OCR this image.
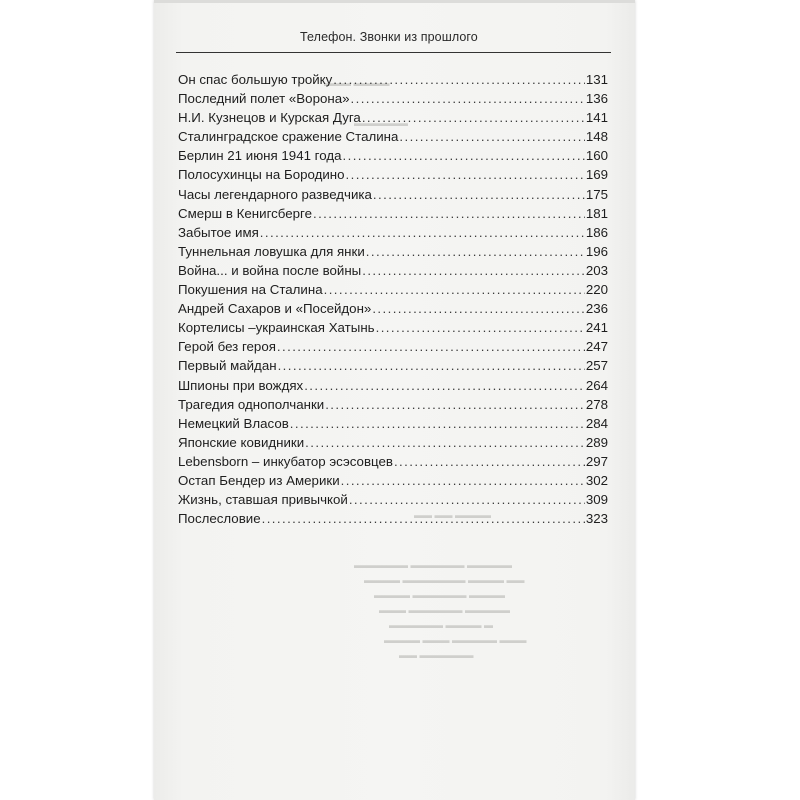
▬▬▬▬ ▬▬▬
▬▬▬▬▬▬
▬▬▬▬ ▬▬ ▬▬
▬▬▬▬▬ ▬▬▬▬▬▬ ▬▬▬▬▬▬
▬▬ ▬▬▬▬ ▬▬▬▬▬▬▬ ▬▬▬▬
▬▬▬▬ ▬▬▬▬▬▬ ▬▬▬▬
▬▬▬▬▬ ▬▬▬▬▬▬ ▬▬▬
▬ ▬▬▬▬ ▬▬▬▬▬▬
▬▬▬ ▬▬▬▬▬ ▬▬▬ ▬▬▬▬
▬▬▬▬▬▬ ▬▬
Телефон. Звонки из прошлого
Он спас большую тройку .....	131
Последний полет «Ворона» .....	136
Н.И. Кузнецов и Курская Дуга .....	141
Сталинградское сражение Сталина .....	148
Берлин 21 июня 1941 года .....	160
Полосухинцы на Бородино .....	169
Часы легендарного разведчика .....	175
Смерш в Кенигсберге .....	181
Забытое имя .....	186
Туннельная ловушка для янки .....	196
Война... и война после войны .....	203
Покушения на Сталина .....	220
Андрей Сахаров и «Посейдон» .....	236
Кортелисы –украинская Хатынь .....	241
Герой без героя .....	247
Первый майдан .....	257
Шпионы при вождях .....	264
Трагедия однополчанки .....	278
Немецкий Власов .....	284
Японские ковидники .....	289
Lebensborn – инкубатор эсэсовцев .....	297
Остап Бендер из Америки .....	302
Жизнь, ставшая привычкой .....	309
Послесловие .....	323
